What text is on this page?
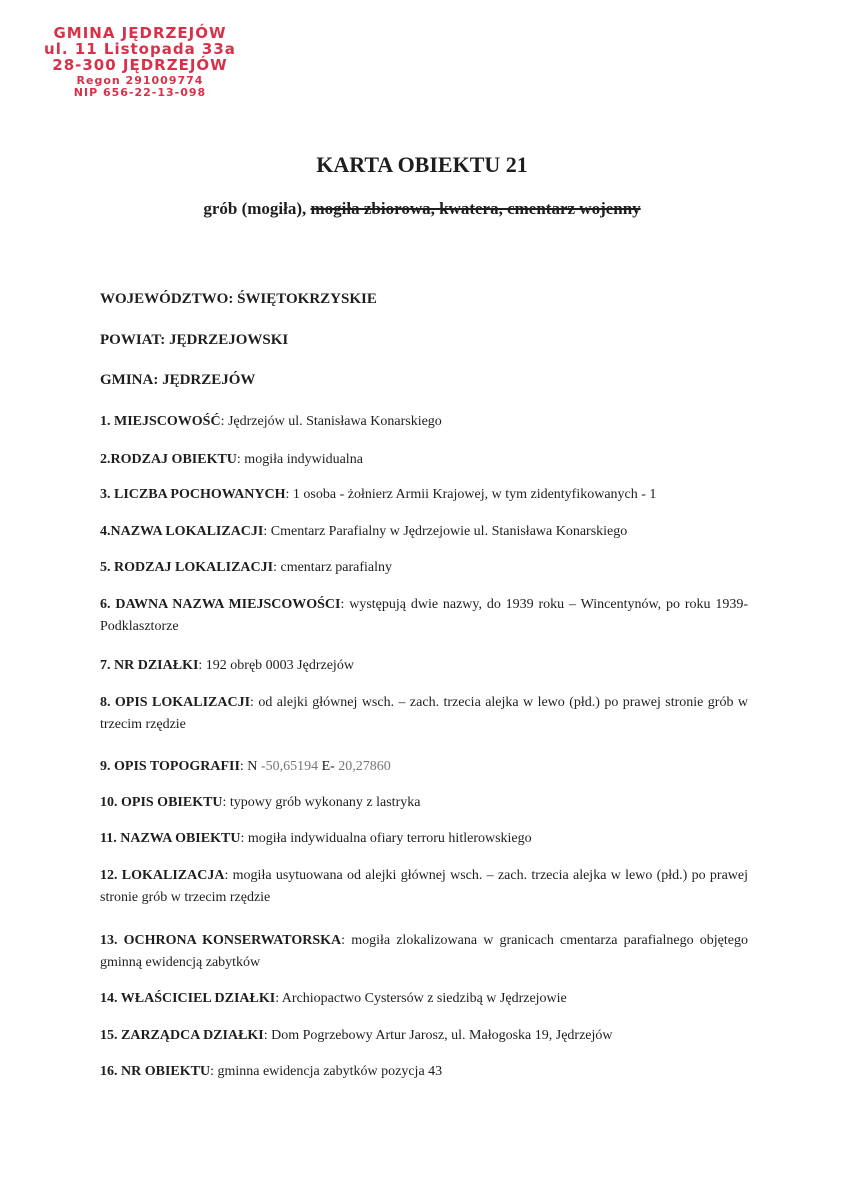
GMINA JĘDRZEJÓW
ul. 11 Listopada 33a
28-300 JĘDRZEJÓW
Regon 291009774
NIP 656-22-13-098
KARTA OBIEKTU 21
grób (mogiła), mogiła zbiorowa, kwatera, cmentarz wojenny
WOJEWÓDZTWO: ŚWIĘTOKRZYSKIE
POWIAT: JĘDRZEJOWSKI
GMINA: JĘDRZEJÓW
1. MIEJSCOWOŚĆ: Jędrzejów ul. Stanisława Konarskiego
2.RODZAJ OBIEKTU: mogiła indywidualna
3. LICZBA POCHOWANYCH: 1 osoba - żołnierz Armii Krajowej, w tym zidentyfikowanych - 1
4.NAZWA LOKALIZACJI: Cmentarz Parafialny w Jędrzejowie ul. Stanisława Konarskiego
5. RODZAJ LOKALIZACJI: cmentarz parafialny
6. DAWNA NAZWA MIEJSCOWOŚCI: występują dwie nazwy, do 1939 roku – Wincentynów, po roku 1939- Podklasztorze
7. NR DZIAŁKI: 192 obręb 0003 Jędrzejów
8. OPIS LOKALIZACJI: od alejki głównej wsch. – zach. trzecia alejka w lewo (płd.) po prawej stronie grób w trzecim rzędzie
9. OPIS TOPOGRAFII: N -50,65194 E- 20,27860
10. OPIS OBIEKTU: typowy grób wykonany z lastryka
11. NAZWA OBIEKTU: mogiła indywidualna ofiary terroru hitlerowskiego
12. LOKALIZACJA: mogiła usytuowana od alejki głównej wsch. – zach. trzecia alejka w lewo (płd.) po prawej stronie grób w trzecim rzędzie
13. OCHRONA KONSERWATORSKA: mogiła zlokalizowana w granicach cmentarza parafialnego objętego gminną ewidencją zabytków
14. WŁAŚCICIEL DZIAŁKI: Archiopactwo Cystersów z siedzibą w Jędrzejowie
15. ZARZĄDCA DZIAŁKI: Dom Pogrzebowy Artur Jarosz, ul. Małogoska 19, Jędrzejów
16. NR OBIEKTU: gminna ewidencja zabytków pozycja 43
